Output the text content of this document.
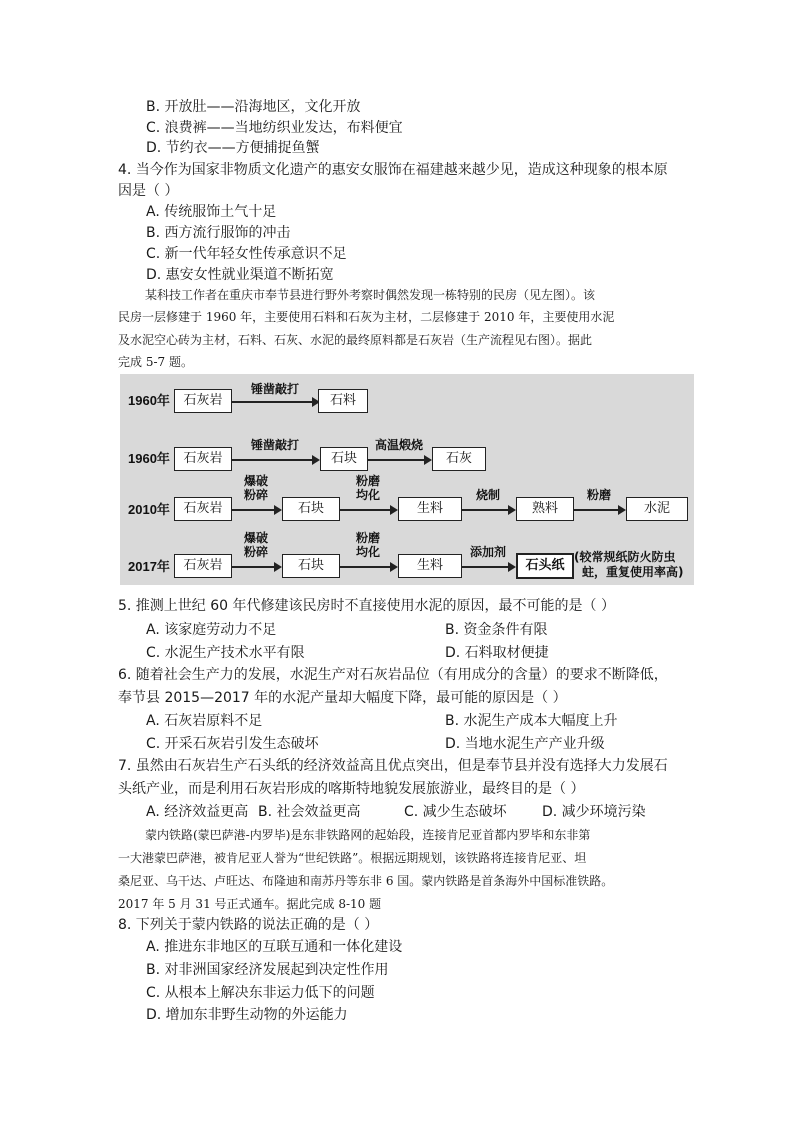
B. 开放肚——沿海地区，文化开放
C. 浪费裤——当地纺织业发达，布料便宜
D. 节约衣——方便捕捉鱼蟹
4. 当今作为国家非物质文化遗产的惠安女服饰在福建越来越少见，造成这种现象的根本原
因是（ ）
A. 传统服饰土气十足
B. 西方流行服饰的冲击
C. 新一代年轻女性传承意识不足
D. 惠安女性就业渠道不断拓宽
某科技工作者在重庆市奉节县进行野外考察时偶然发现一栋特别的民房（见左图）。该
民房一层修建于 1960 年，主要使用石料和石灰为主材，二层修建于 2010 年，主要使用水泥
及水泥空心砖为主材，石料、石灰、水泥的最终原料都是石灰岩（生产流程见右图）。据此
完成 5-7 题。
1960年	石灰岩
锤凿敲打
石料
1960年	石灰岩
锤凿敲打
石块
高温煅烧
石灰
2010年	石灰岩
爆破
粉碎
石块
粉磨
均化
生料
烧制
熟料
粉磨
水泥
2017年	石灰岩
爆破
粉碎
石块
粉磨
均化
生料
添加剂
石头纸
(较常规纸防火防虫
蛀，重复使用率高)
5. 推测上世纪 60 年代修建该民房时不直接使用水泥的原因，最不可能的是（ ）
A. 该家庭劳动力不足	B. 资金条件有限
C. 水泥生产技术水平有限	D. 石料取材便捷
6. 随着社会生产力的发展，水泥生产对石灰岩品位（有用成分的含量）的要求不断降低，
奉节县 2015—2017 年的水泥产量却大幅度下降，最可能的原因是（ ）
A. 石灰岩原料不足	B. 水泥生产成本大幅度上升
C. 开采石灰岩引发生态破坏	D. 当地水泥生产产业升级
7. 虽然由石灰岩生产石头纸的经济效益高且优点突出，但是奉节县并没有选择大力发展石
头纸产业，而是利用石灰岩形成的喀斯特地貌发展旅游业，最终目的是（ ）
A. 经济效益更高 B. 社会效益更高	C. 减少生态破坏	D. 减少环境污染
蒙内铁路(蒙巴萨港-内罗毕)是东非铁路网的起始段，连接肯尼亚首都内罗毕和东非第
一大港蒙巴萨港，被肯尼亚人誉为“世纪铁路”。根据远期规划，该铁路将连接肯尼亚、坦
桑尼亚、乌干达、卢旺达、布隆迪和南苏丹等东非 6 国。蒙内铁路是首条海外中国标准铁路。
2017 年 5 月 31 号正式通车。据此完成 8-10 题
8. 下列关于蒙内铁路的说法正确的是（ ）
A. 推进东非地区的互联互通和一体化建设
B. 对非洲国家经济发展起到决定性作用
C. 从根本上解决东非运力低下的问题
D. 增加东非野生动物的外运能力
